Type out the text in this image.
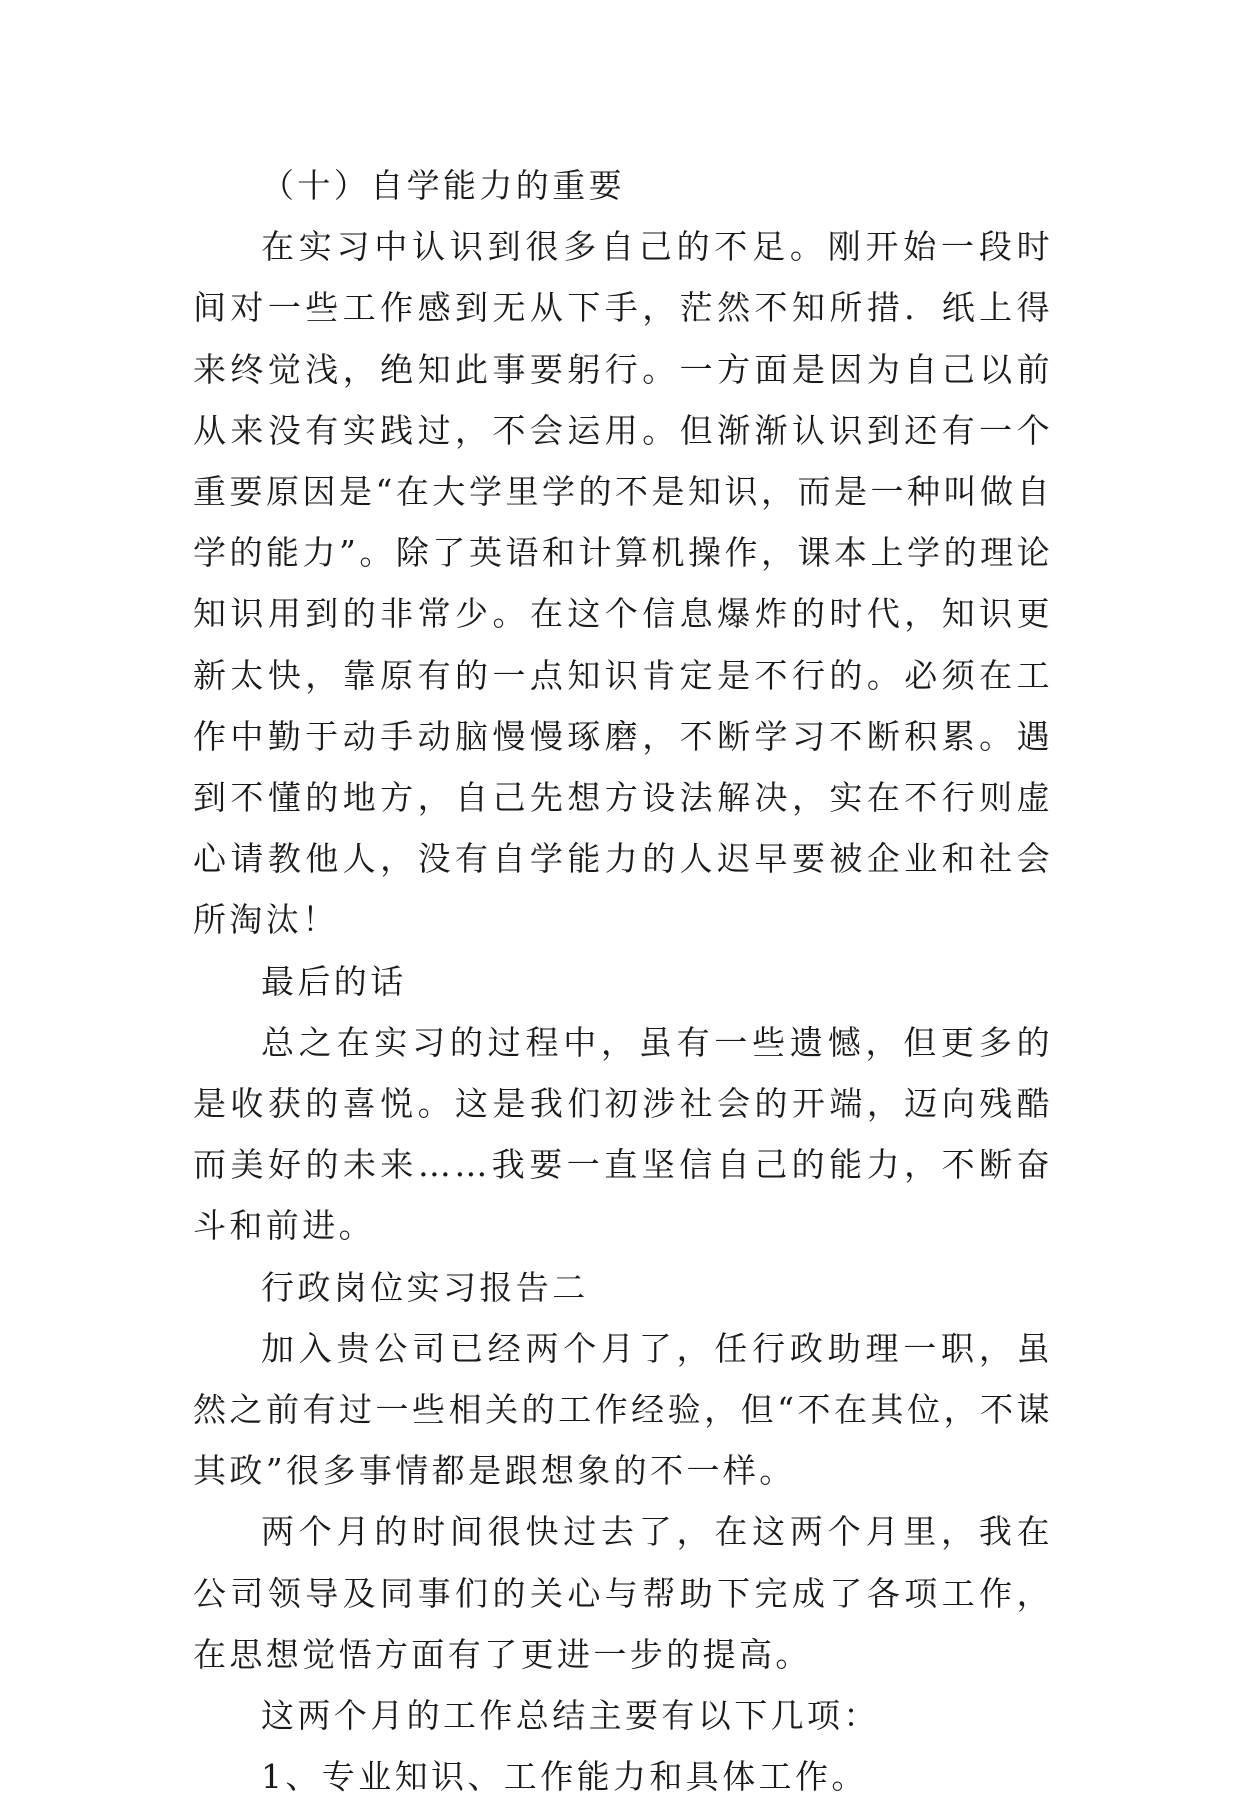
（十）自学能力的重要

在实习中认识到很多自己的不足。刚开始一段时间对一些工作感到无从下手，茫然不知所措．纸上得来终觉浅，绝知此事要躬行。一方面是因为自己以前从来没有实践过，不会运用。但渐渐认识到还有一个重要原因是“在大学里学的不是知识，而是一种叫做自学的能力”。除了英语和计算机操作，课本上学的理论知识用到的非常少。在这个信息爆炸的时代，知识更新太快，靠原有的一点知识肯定是不行的。必须在工作中勤于动手动脑慢慢琢磨，不断学习不断积累。遇到不懂的地方，自己先想方设法解决，实在不行则虚心请教他人，没有自学能力的人迟早要被企业和社会所淘汰！

最后的话

总之在实习的过程中，虽有一些遗憾，但更多的是收获的喜悦。这是我们初涉社会的开端，迈向残酷而美好的未来……我要一直坚信自己的能力，不断奋斗和前进。

行政岗位实习报告二

加入贵公司已经两个月了，任行政助理一职，虽然之前有过一些相关的工作经验，但“不在其位，不谋其政”很多事情都是跟想象的不一样。

两个月的时间很快过去了，在这两个月里，我在公司领导及同事们的关心与帮助下完成了各项工作，在思想觉悟方面有了更进一步的提高。

这两个月的工作总结主要有以下几项：

1、专业知识、工作能力和具体工作。
